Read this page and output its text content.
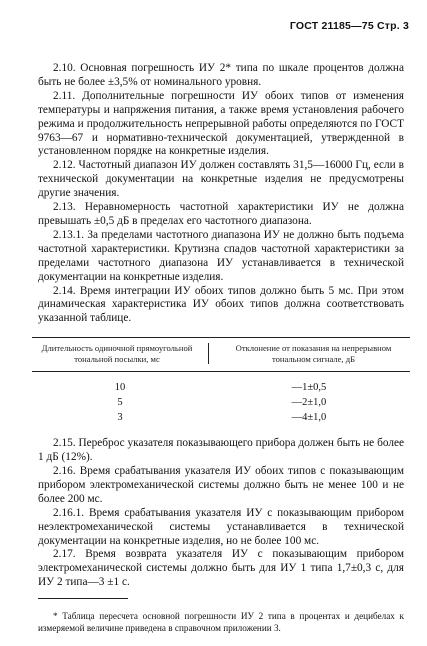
ГОСТ 21185—75 Стр. 3

2.10. Основная погрешность ИУ 2* типа по шкале процентов должна быть не более ±3,5% от номинального уровня.

2.11. Дополнительные погрешности ИУ обоих типов от изменения температуры и напряжения питания, а также время установления рабочего режима и продолжительность непрерывной работы определяются по ГОСТ 9763—67 и нормативно-технической документацией, утвержденной в установленном порядке на конкретные изделия.

2.12. Частотный диапазон ИУ должен составлять 31,5—16000 Гц, если в технической документации на конкретные изделия не предусмотрены другие значения.

2.13. Неравномерность частотной характеристики ИУ не должна превышать ±0,5 дБ в пределах его частотного диапазона.

2.13.1. За пределами частотного диапазона ИУ не должно быть подъема частотной характеристики. Крутизна спадов частотной характеристики за пределами частотного диапазона ИУ устанавливается в технической документации на конкретные изделия.

2.14. Время интеграции ИУ обоих типов должно быть 5 мс. При этом динамическая характеристика ИУ обоих типов должна соответствовать указанной таблице.

Длительность одиночной прямоугольной тональной посылки, мс
Отклонение от показания на непрерывном тональном сигнале, дБ
10	—1±0,5
5	—2±1,0
3	—4±1,0

2.15. Переброс указателя показывающего прибора должен быть не более 1 дБ (12%).

2.16. Время срабатывания указателя ИУ обоих типов с показывающим прибором электромеханической системы должно быть не менее 100 и не более 200 мс.

2.16.1. Время срабатывания указателя ИУ с показывающим прибором неэлектромеханической системы устанавливается в технической документации на конкретные изделия, но не более 100 мс.

2.17. Время возврата указателя ИУ с показывающим прибором электромеханической системы должно быть для ИУ 1 типа 1,7±0,3 с, для ИУ 2 типа—3 ±1 с.

* Таблица пересчета основной погрешности ИУ 2 типа в процентах и децибелах к измеряемой величине приведена в справочном приложении 3.
